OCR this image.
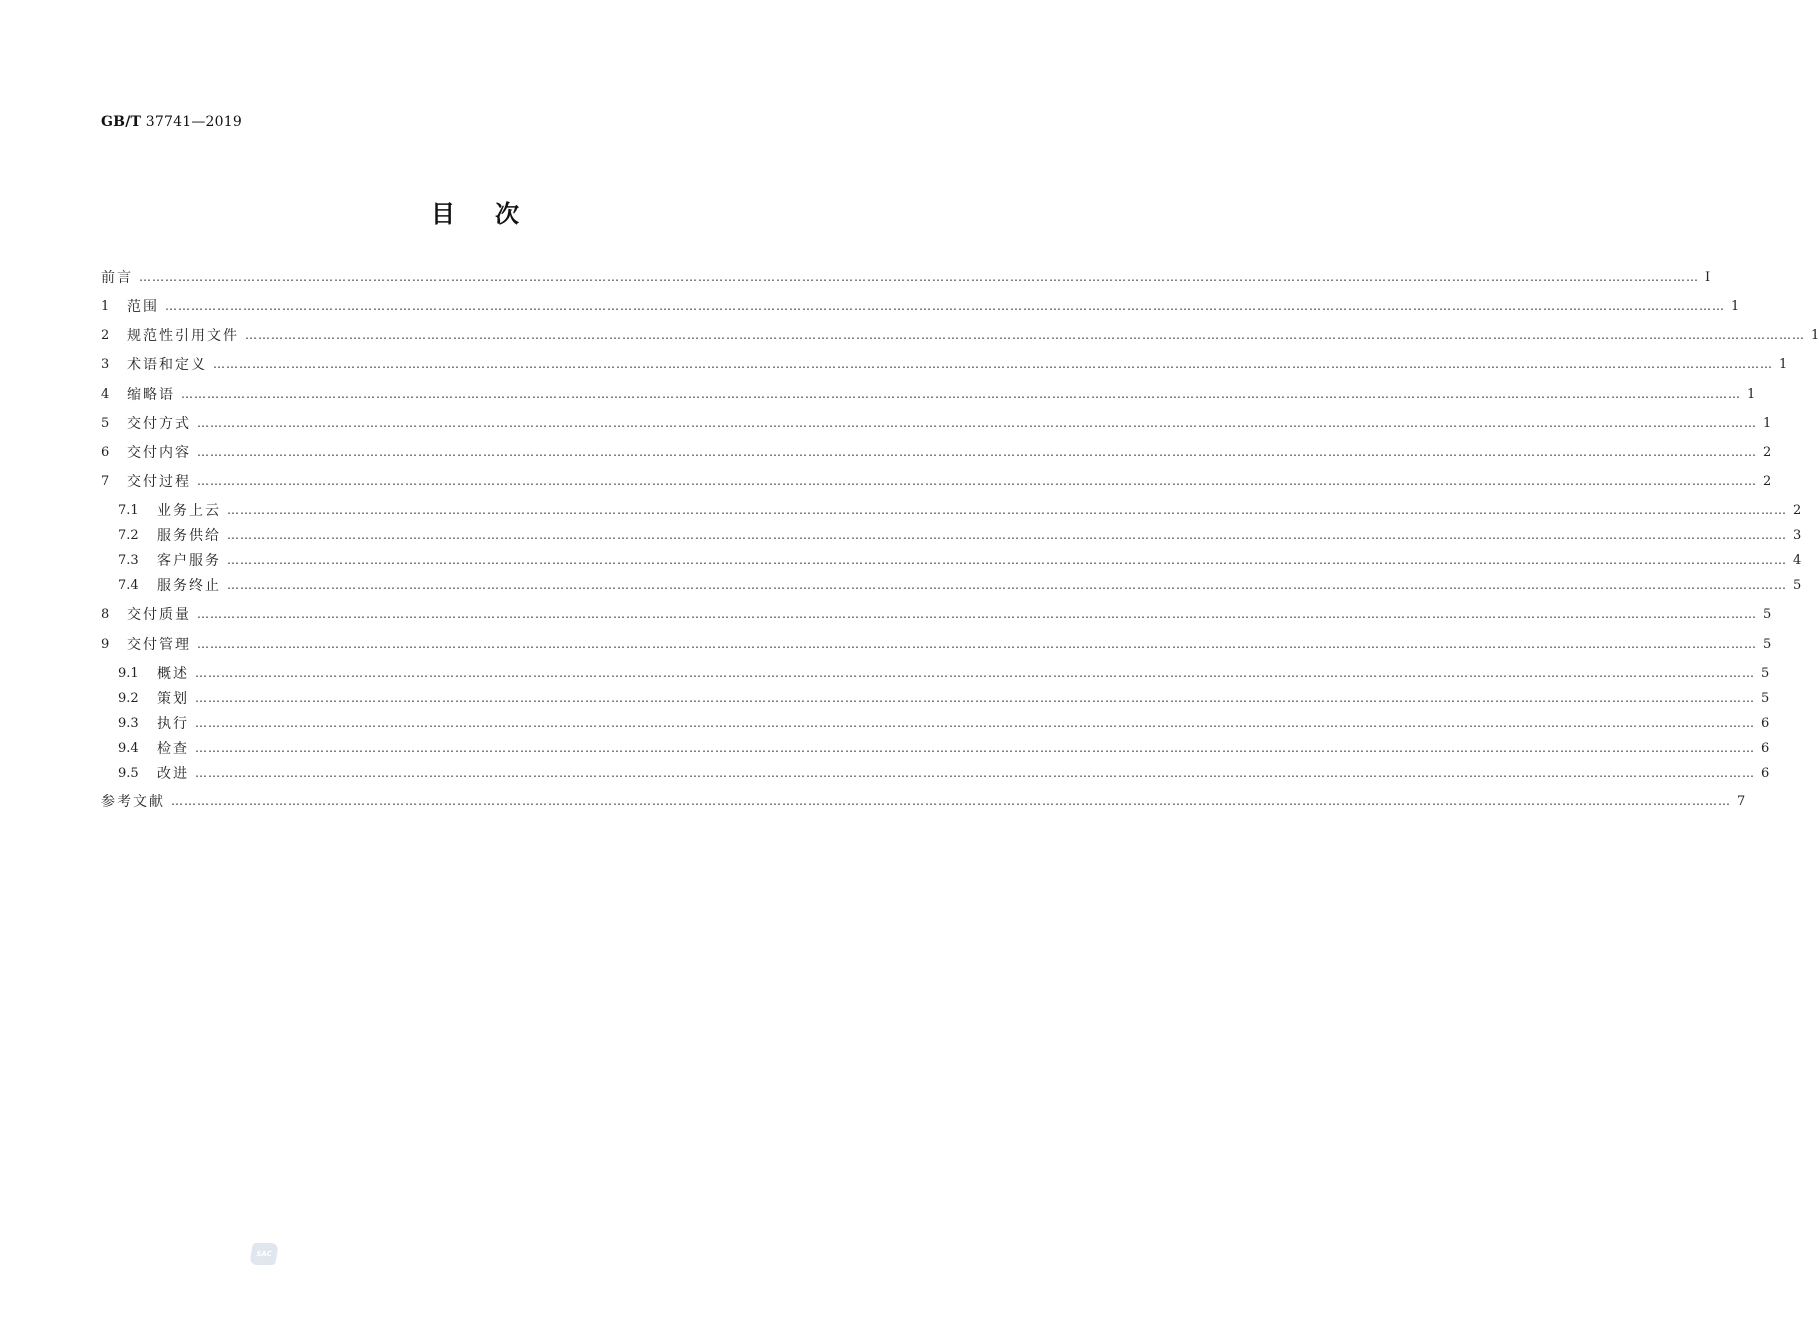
GB/T 37741—2019
目次
前言 ……………………………………………………………………………………………………………………………………………………………………………………………………………………………………………………………………………………………………………………………… Ⅰ
1	范围 ……………………………………………………………………………………………………………………………………………………………………………………………………………………………………………………………………………………………………………………………… 1
2	规范性引用文件 ……………………………………………………………………………………………………………………………………………………………………………………………………………………………………………………………………………………………………………………………… 1
3	术语和定义 ……………………………………………………………………………………………………………………………………………………………………………………………………………………………………………………………………………………………………………………………… 1
4	缩略语 ……………………………………………………………………………………………………………………………………………………………………………………………………………………………………………………………………………………………………………………………… 1
5	交付方式 ……………………………………………………………………………………………………………………………………………………………………………………………………………………………………………………………………………………………………………………………… 1
6	交付内容 ……………………………………………………………………………………………………………………………………………………………………………………………………………………………………………………………………………………………………………………………… 2
7	交付过程 ……………………………………………………………………………………………………………………………………………………………………………………………………………………………………………………………………………………………………………………………… 2
7.1	业务上云 ……………………………………………………………………………………………………………………………………………………………………………………………………………………………………………………………………………………………………………………………… 2
7.2	服务供给 ……………………………………………………………………………………………………………………………………………………………………………………………………………………………………………………………………………………………………………………………… 3
7.3	客户服务 ……………………………………………………………………………………………………………………………………………………………………………………………………………………………………………………………………………………………………………………………… 4
7.4	服务终止 ……………………………………………………………………………………………………………………………………………………………………………………………………………………………………………………………………………………………………………………………… 5
8	交付质量 ……………………………………………………………………………………………………………………………………………………………………………………………………………………………………………………………………………………………………………………………… 5
9	交付管理 ……………………………………………………………………………………………………………………………………………………………………………………………………………………………………………………………………………………………………………………………… 5
9.1	概述 ……………………………………………………………………………………………………………………………………………………………………………………………………………………………………………………………………………………………………………………………… 5
9.2	策划 ……………………………………………………………………………………………………………………………………………………………………………………………………………………………………………………………………………………………………………………………… 5
9.3	执行 ……………………………………………………………………………………………………………………………………………………………………………………………………………………………………………………………………………………………………………………………… 6
9.4	检查 ……………………………………………………………………………………………………………………………………………………………………………………………………………………………………………………………………………………………………………………………… 6
9.5	改进 ……………………………………………………………………………………………………………………………………………………………………………………………………………………………………………………………………………………………………………………………… 6
参考文献 ……………………………………………………………………………………………………………………………………………………………………………………………………………………………………………………………………………………………………………………………… 7
SAC
